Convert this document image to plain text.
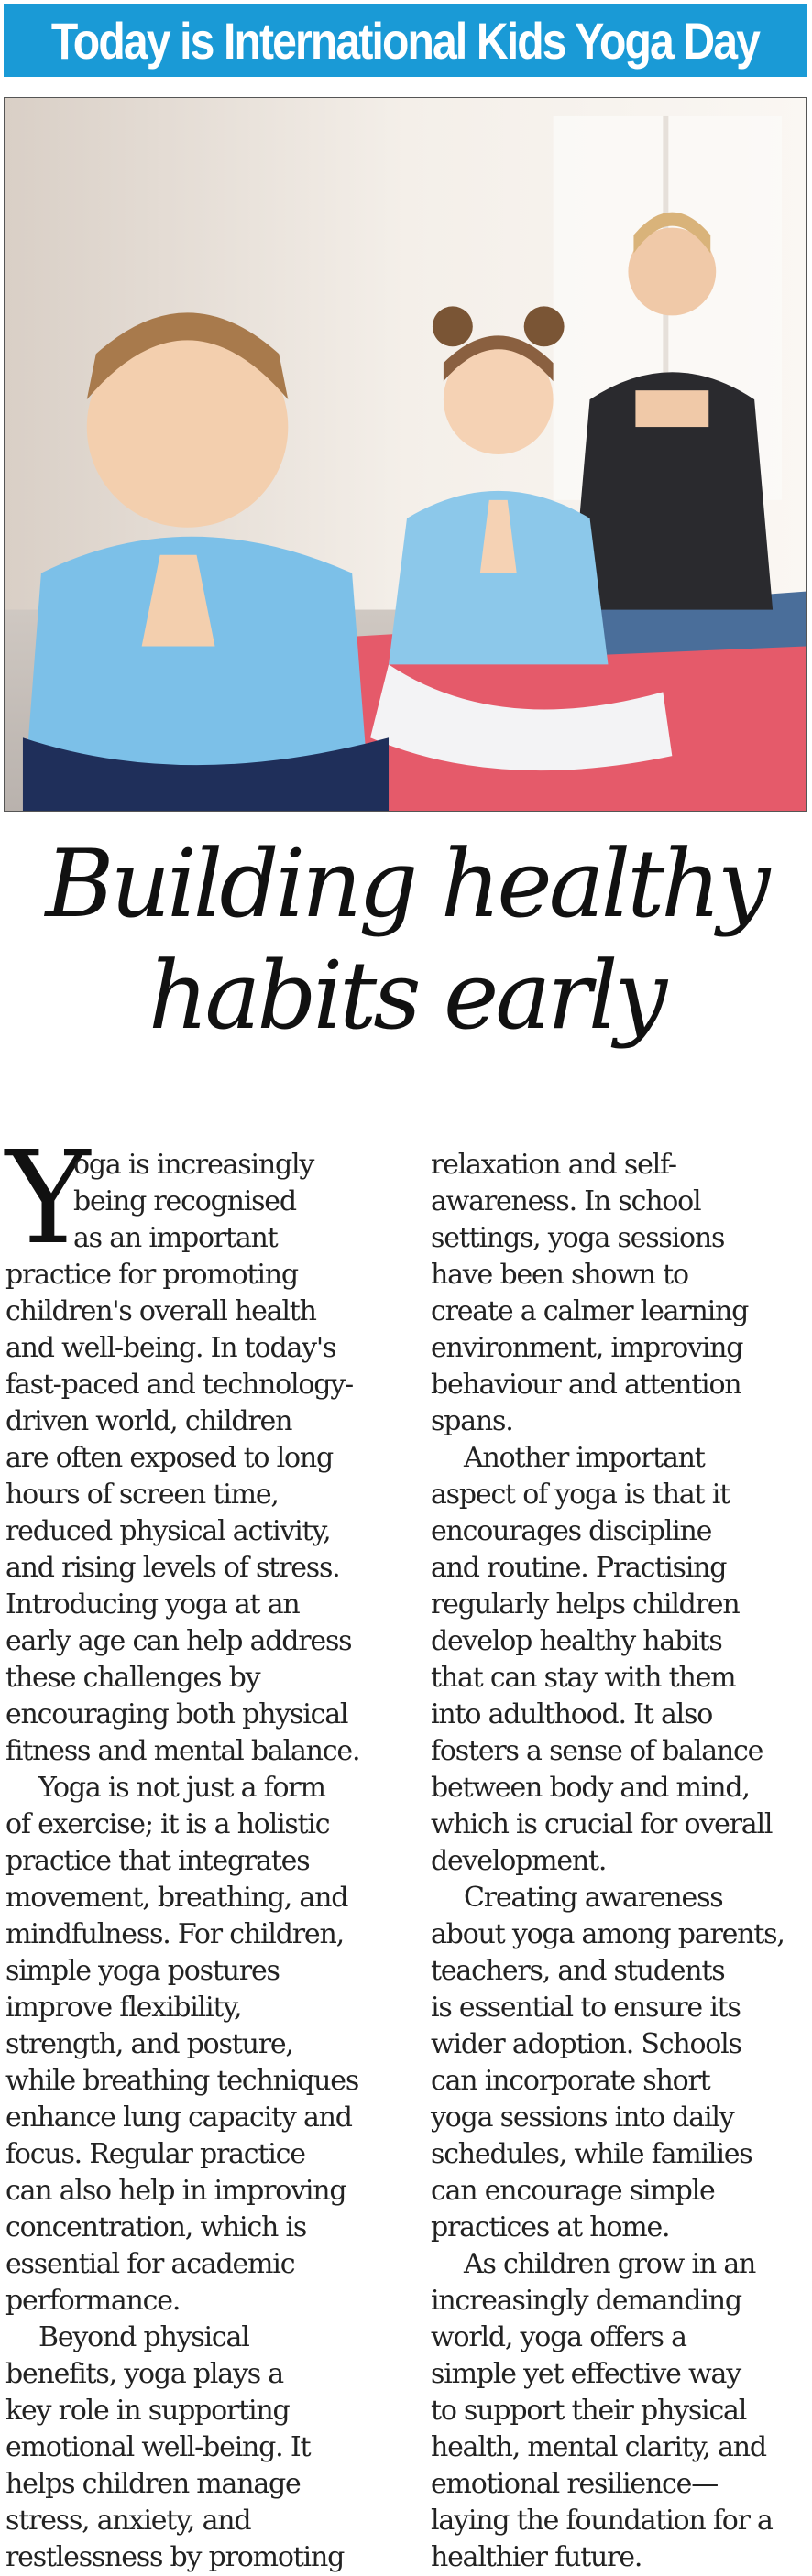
Today is International Kids Yoga Day
Building healthy
habits early
Y
oga is increasingly
being recognised
as an important
practice for promoting
children's overall health
and well-being. In today's
fast-paced and technology-
driven world, children
are often exposed to long
hours of screen time,
reduced physical activity,
and rising levels of stress.
Introducing yoga at an
early age can help address
these challenges by
encouraging both physical
fitness and mental balance.
Yoga is not just a form
of exercise; it is a holistic
practice that integrates
movement, breathing, and
mindfulness. For children,
simple yoga postures
improve flexibility,
strength, and posture,
while breathing techniques
enhance lung capacity and
focus. Regular practice
can also help in improving
concentration, which is
essential for academic
performance.
Beyond physical
benefits, yoga plays a
key role in supporting
emotional well-being. It
helps children manage
stress, anxiety, and
restlessness by promoting
relaxation and self-
awareness. In school
settings, yoga sessions
have been shown to
create a calmer learning
environment, improving
behaviour and attention
spans.
Another important
aspect of yoga is that it
encourages discipline
and routine. Practising
regularly helps children
develop healthy habits
that can stay with them
into adulthood. It also
fosters a sense of balance
between body and mind,
which is crucial for overall
development.
Creating awareness
about yoga among parents,
teachers, and students
is essential to ensure its
wider adoption. Schools
can incorporate short
yoga sessions into daily
schedules, while families
can encourage simple
practices at home.
As children grow in an
increasingly demanding
world, yoga offers a
simple yet effective way
to support their physical
health, mental clarity, and
emotional resilience—
laying the foundation for a
healthier future.
